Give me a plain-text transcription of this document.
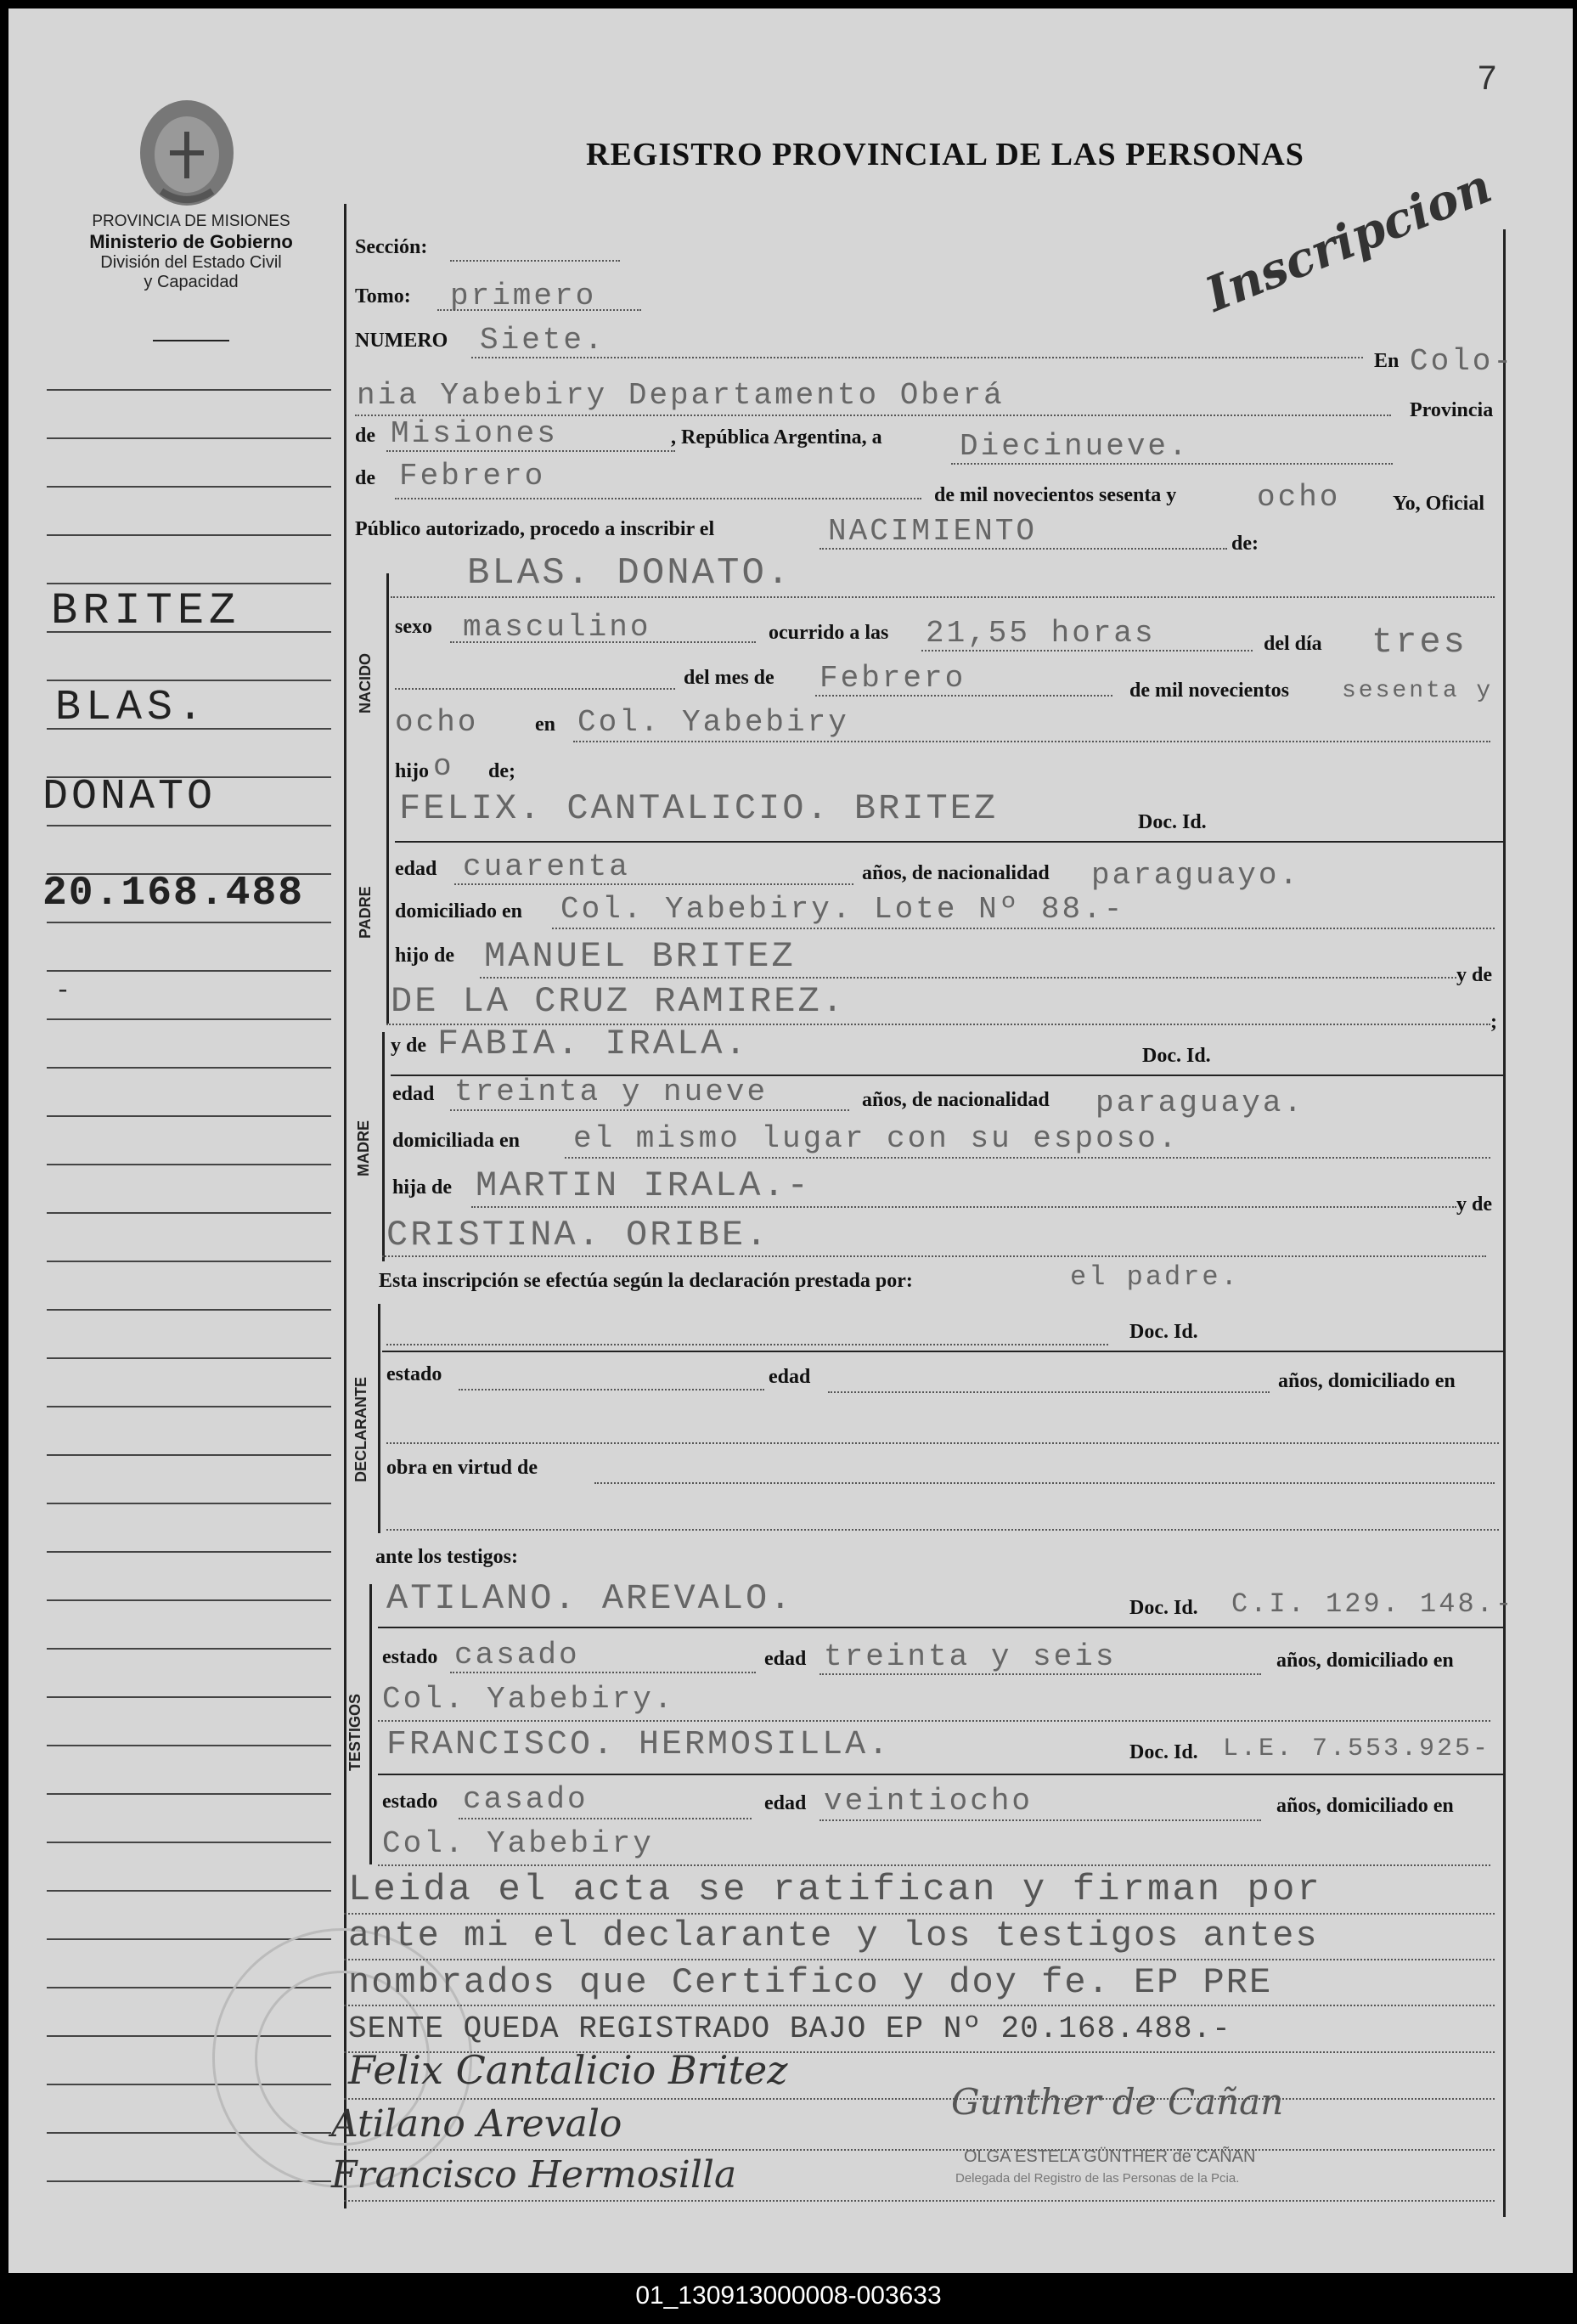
7
PROVINCIA DE MISIONES
Ministerio de Gobierno
División del Estado Civil
y Capacidad
REGISTRO PROVINCIAL DE LAS PERSONAS
Inscripcion
BRITEZ
BLAS.
DONATO
20.168.488
-
Sección:
Tomo: primero
NUMERO Siete.
En Colo-
nia Yabebiry Departamento Oberá	Provincia
de Misiones	, República Argentina, a	Diecinueve.
de Febrero
de mil novecientos sesenta y	ocho	Yo, Oficial
Público autorizado, procedo a inscribir el	NACIMIENTO	de:
BLAS. DONATO.
NACIDO
sexo masculino	ocurrido a las 21,55 horas	del día tres
del mes de Febrero	de mil novecientos sesenta y
ocho	en Col. Yabebiry
hijo o de;
PADRE
FELIX. CANTALICIO. BRITEZ	Doc. Id.
edad cuarenta	años, de nacionalidad paraguayo.
domiciliado en Col. Yabebiry. Lote Nº 88.-
hijo de MANUEL BRITEZ	y de
DE LA CRUZ RAMIREZ.	;
MADRE
y de FABIA. IRALA.	Doc. Id.
edad treinta y nueve	años, de nacionalidad paraguaya.
domiciliada en el mismo lugar con su esposo.
hija de MARTIN IRALA.-	y de
CRISTINA. ORIBE.
Esta inscripción se efectúa según la declaración prestada por:	el padre.
DECLARANTE
Doc. Id.
estado	edad	años, domiciliado en
obra en virtud de
ante los testigos:
TESTIGOS
ATILANO. AREVALO.	Doc. Id. C.I. 129. 148.-
estado casado	edad treinta y seis	años, domiciliado en
Col. Yabebiry.
FRANCISCO. HERMOSILLA.	Doc. Id. L.E. 7.553.925-
estado casado	edad veintiocho	años, domiciliado en
Col. Yabebiry
Leida el acta se ratifican y firman por
ante mi el declarante y los testigos antes
nombrados que Certifico y doy fe. EP PRE
SENTE QUEDA REGISTRADO BAJO EP Nº 20.168.488.-
Felix Cantalicio Britez
Atilano Arevalo
Gunther de Cañan
OLGA ESTELA GÜNTHER de CAÑAN
Francisco Hermosilla	Delegada del Registro de las Personas de la Pcia.
01_130913000008-003633
